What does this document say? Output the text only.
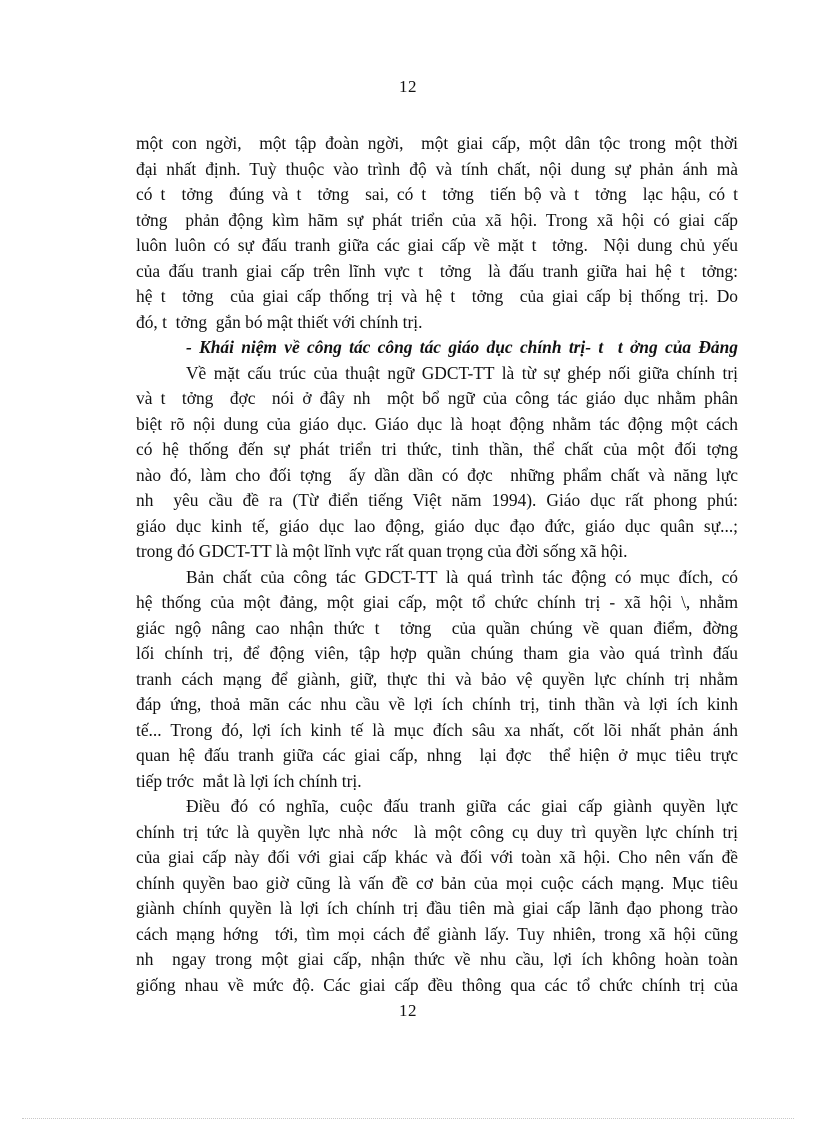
12
một con ngời,  một tập đoàn ngời,  một giai cấp, một dân tộc trong một thời
đại nhất định. Tuỳ thuộc vào trình độ và tính chất, nội dung sự phản ánh mà
có t  tởng  đúng và t  tởng  sai, có t  tởng  tiến bộ và t  tởng  lạc hậu, có t
tởng  phản động kìm hãm sự phát triển của xã hội. Trong xã hội có giai cấp
luôn luôn có sự đấu tranh giữa các giai cấp về mặt t  tởng.  Nội dung chủ yếu
của đấu tranh giai cấp trên lĩnh vực t  tởng  là đấu tranh giữa hai hệ t  tởng:
hệ t  tởng  của giai cấp thống trị và hệ t  tởng  của giai cấp bị thống trị. Do
đó, t  tởng  gắn bó mật thiết với chính trị.
- Khái niệm về công tác công tác giáo dục chính trị- t  t ởng của Đảng
Về mặt cấu trúc của thuật ngữ GDCT-TT là từ sự ghép nối giữa chính trị
và t  tởng  đợc  nói ở đây nh  một bổ ngữ của công tác giáo dục nhằm phân
biệt rõ nội dung của giáo dục. Giáo dục là hoạt động nhằm tác động một cách
có hệ thống đến sự phát triển tri thức, tinh thần, thể chất của một đối tợng
nào đó, làm cho đối tợng  ấy dần dần có đợc  những phẩm chất và năng lực
nh  yêu cầu đề ra (Từ điển tiếng Việt năm 1994). Giáo dục rất phong phú:
giáo dục kinh tế, giáo dục lao động, giáo dục đạo đức, giáo dục quân sự...;
trong đó GDCT-TT là một lĩnh vực rất quan trọng của đời sống xã hội.
Bản chất của công tác GDCT-TT là quá trình tác động có mục đích, có
hệ thống của một đảng, một giai cấp, một tổ chức chính trị - xã hội \, nhằm
giác ngộ nâng cao nhận thức t  tởng  của quần chúng về quan điểm, đờng
lối chính trị, để động viên, tập hợp quần chúng tham gia vào quá trình đấu
tranh cách mạng để giành, giữ, thực thi và bảo vệ quyền lực chính trị nhằm
đáp ứng, thoả mãn các nhu cầu về lợi ích chính trị, tinh thần và lợi ích kinh
tế... Trong đó, lợi ích kinh tế là mục đích sâu xa nhất, cốt lõi nhất phản ánh
quan hệ đấu tranh giữa các giai cấp, nhng  lại đợc  thể hiện ở mục tiêu trực
tiếp trớc  mắt là lợi ích chính trị.
Điều đó có nghĩa, cuộc đấu tranh giữa các giai cấp giành quyền lực
chính trị tức là quyền lực nhà nớc  là một công cụ duy trì quyền lực chính trị
của giai cấp này đối với giai cấp khác và đối với toàn xã hội. Cho nên vấn đề
chính quyền bao giờ cũng là vấn đề cơ bản của mọi cuộc cách mạng. Mục tiêu
giành chính quyền là lợi ích chính trị đầu tiên mà giai cấp lãnh đạo phong trào
cách mạng hớng  tới, tìm mọi cách để giành lấy. Tuy nhiên, trong xã hội cũng
nh  ngay trong một giai cấp, nhận thức về nhu cầu, lợi ích không hoàn toàn
giống nhau về mức độ. Các giai cấp đều thông qua các tổ chức chính trị của
12
